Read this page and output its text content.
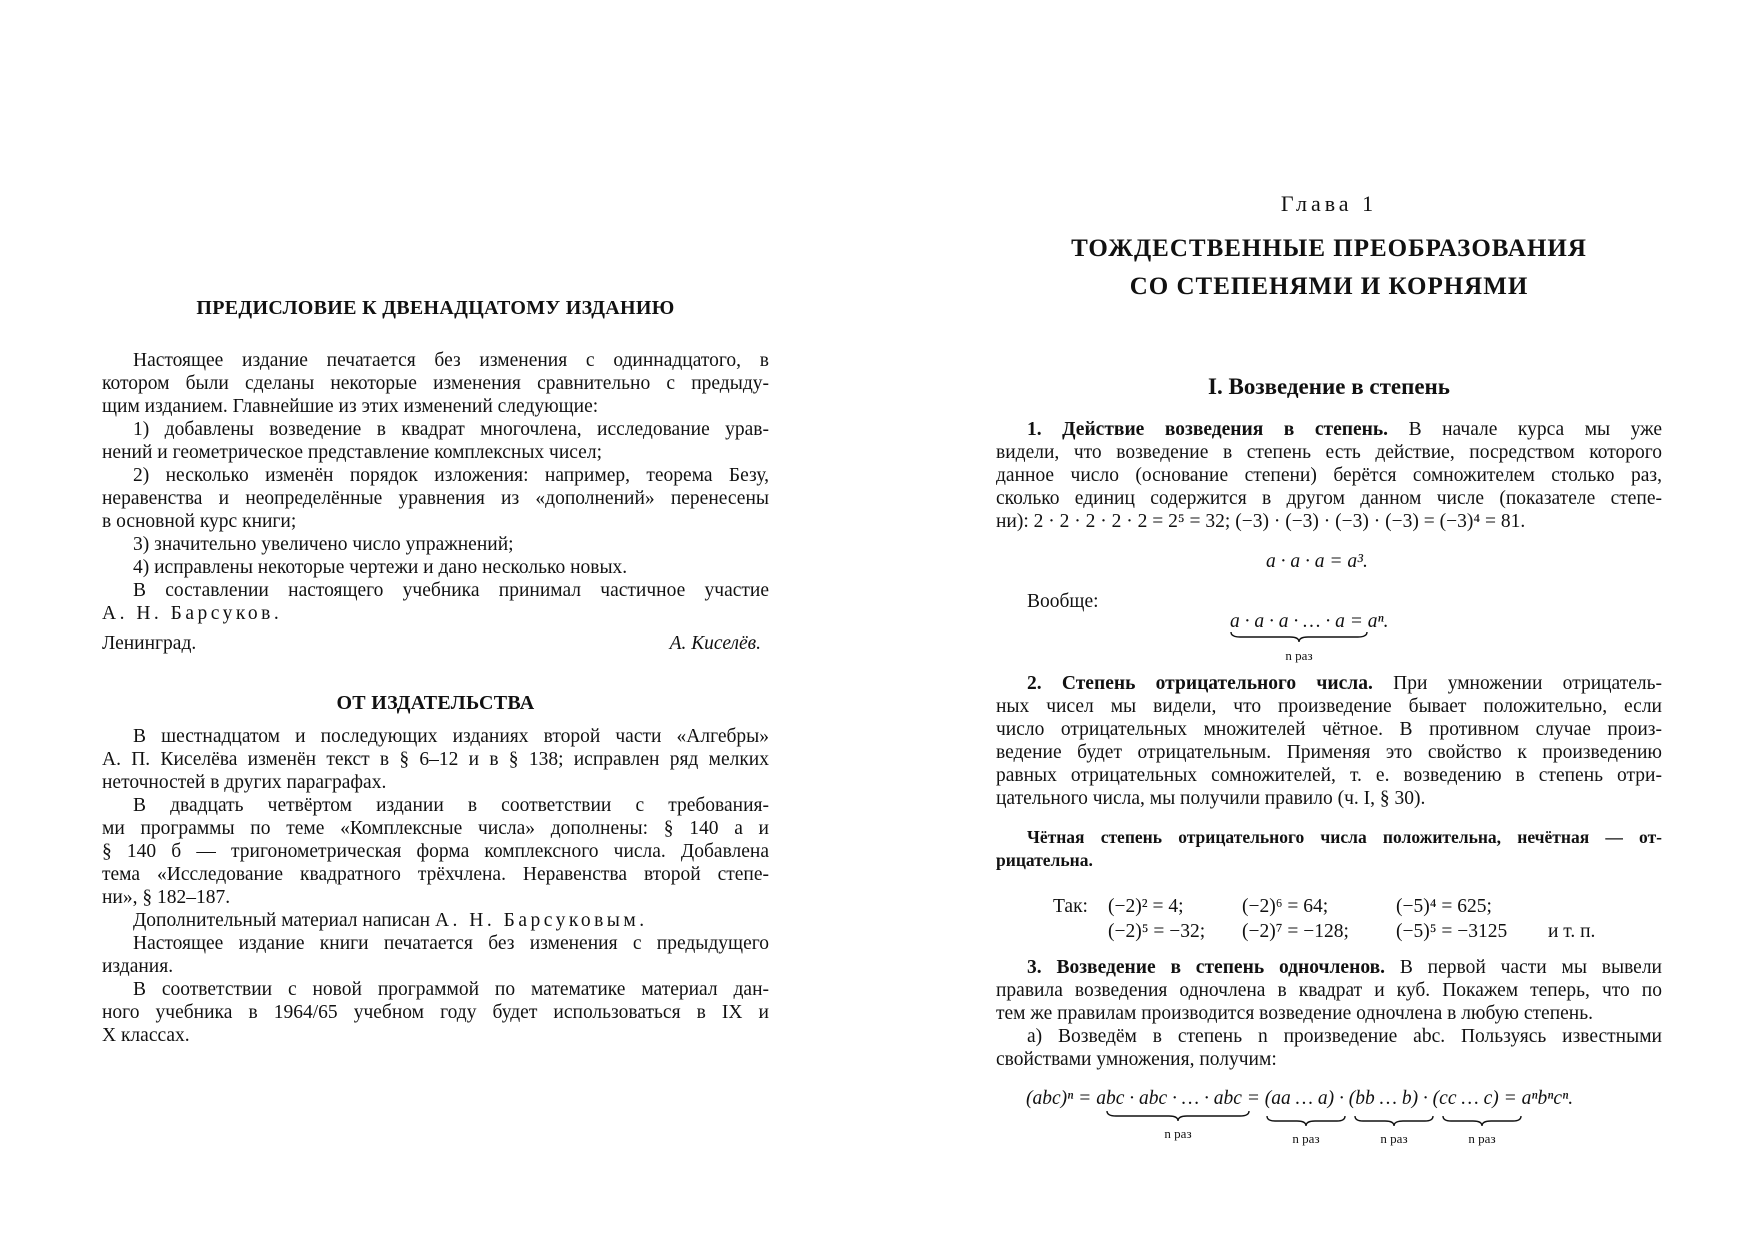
ПРЕДИСЛОВИЕ К ДВЕНАДЦАТОМУ ИЗДАНИЮ

Настоящее издание печатается без изменения с одиннадцатого, в

котором были сделаны некоторые изменения сравнительно с предыду-

щим изданием. Главнейшие из этих изменений следующие:

1) добавлены возведение в квадрат многочлена, исследование урав-

нений и геометрическое представление комплексных чисел;

2) несколько изменён порядок изложения: например, теорема Безу,

неравенства и неопределённые уравнения из «дополнений» перенесены

в основной курс книги;

3) значительно увеличено число упражнений;

4) исправлены некоторые чертежи и дано несколько новых.

В составлении настоящего учебника принимал частичное участие

А. Н. Барсуков.

Ленинград.	А. Киселёв.
ОТ ИЗДАТЕЛЬСТВА

В шестнадцатом и последующих изданиях второй части «Алгебры»

А. П. Киселёва изменён текст в § 6–12 и в § 138; исправлен ряд мелких

неточностей в других параграфах.

В двадцать четвёртом издании в соответствии с требования-

ми программы по теме «Комплексные числа» дополнены: § 140 а и

§ 140 б — тригонометрическая форма комплексного числа. Добавлена

тема «Исследование квадратного трёхчлена. Неравенства второй степе-

ни», § 182–187.

Дополнительный материал написан А. Н. Барсуковым.

Настоящее издание книги печатается без изменения с предыдущего

издания.

В соответствии с новой программой по математике материал дан-

ного учебника в 1964/65 учебном году будет использоваться в IX и

X классах.

Глава 1
ТОЖДЕСТВЕННЫЕ ПРЕОБРАЗОВАНИЯ
СО СТЕПЕНЯМИ И КОРНЯМИ
I. Возведение в степень

1. Действие возведения в степень. В начале курса мы уже

видели, что возведение в степень есть действие, посредством которого

данное число (основание степени) берётся сомножителем столько раз,

сколько единиц содержится в другом данном числе (показателе степе-

ни): 2 · 2 · 2 · 2 · 2 = 2⁵ = 32; (−3) · (−3) · (−3) · (−3) = (−3)⁴ = 81.

a · a · a = a³.
Вообще:
a · a · a · … · a = aⁿ.
n раз

2. Степень отрицательного числа. При умножении отрицатель-

ных чисел мы видели, что произведение бывает положительно, если

число отрицательных множителей чётное. В противном случае произ-

ведение будет отрицательным. Применяя это свойство к произведению

равных отрицательных сомножителей, т. е. возведению в степень отри-

цательного числа, мы получили правило (ч. I, § 30).

Чётная степень отрицательного числа положительна, нечётная — от-

рицательна.

Так: (−2)² = 4;	(−2)⁶ = 64;	(−5)⁴ = 625;
(−2)⁵ = −32; (−2)⁷ = −128; (−5)⁵ = −3125 и т. п.

3. Возведение в степень одночленов. В первой части мы вывели

правила возведения одночлена в квадрат и куб. Покажем теперь, что по

тем же правилам производится возведение одночлена в любую степень.

а) Возведём в степень n произведение abc. Пользуясь известными

свойствами умножения, получим:

(abc)ⁿ = abc · abc · … · abc = (aa … a) · (bb … b) · (cc … c) = aⁿbⁿcⁿ.
n раз	n раз	n раз	n раз
